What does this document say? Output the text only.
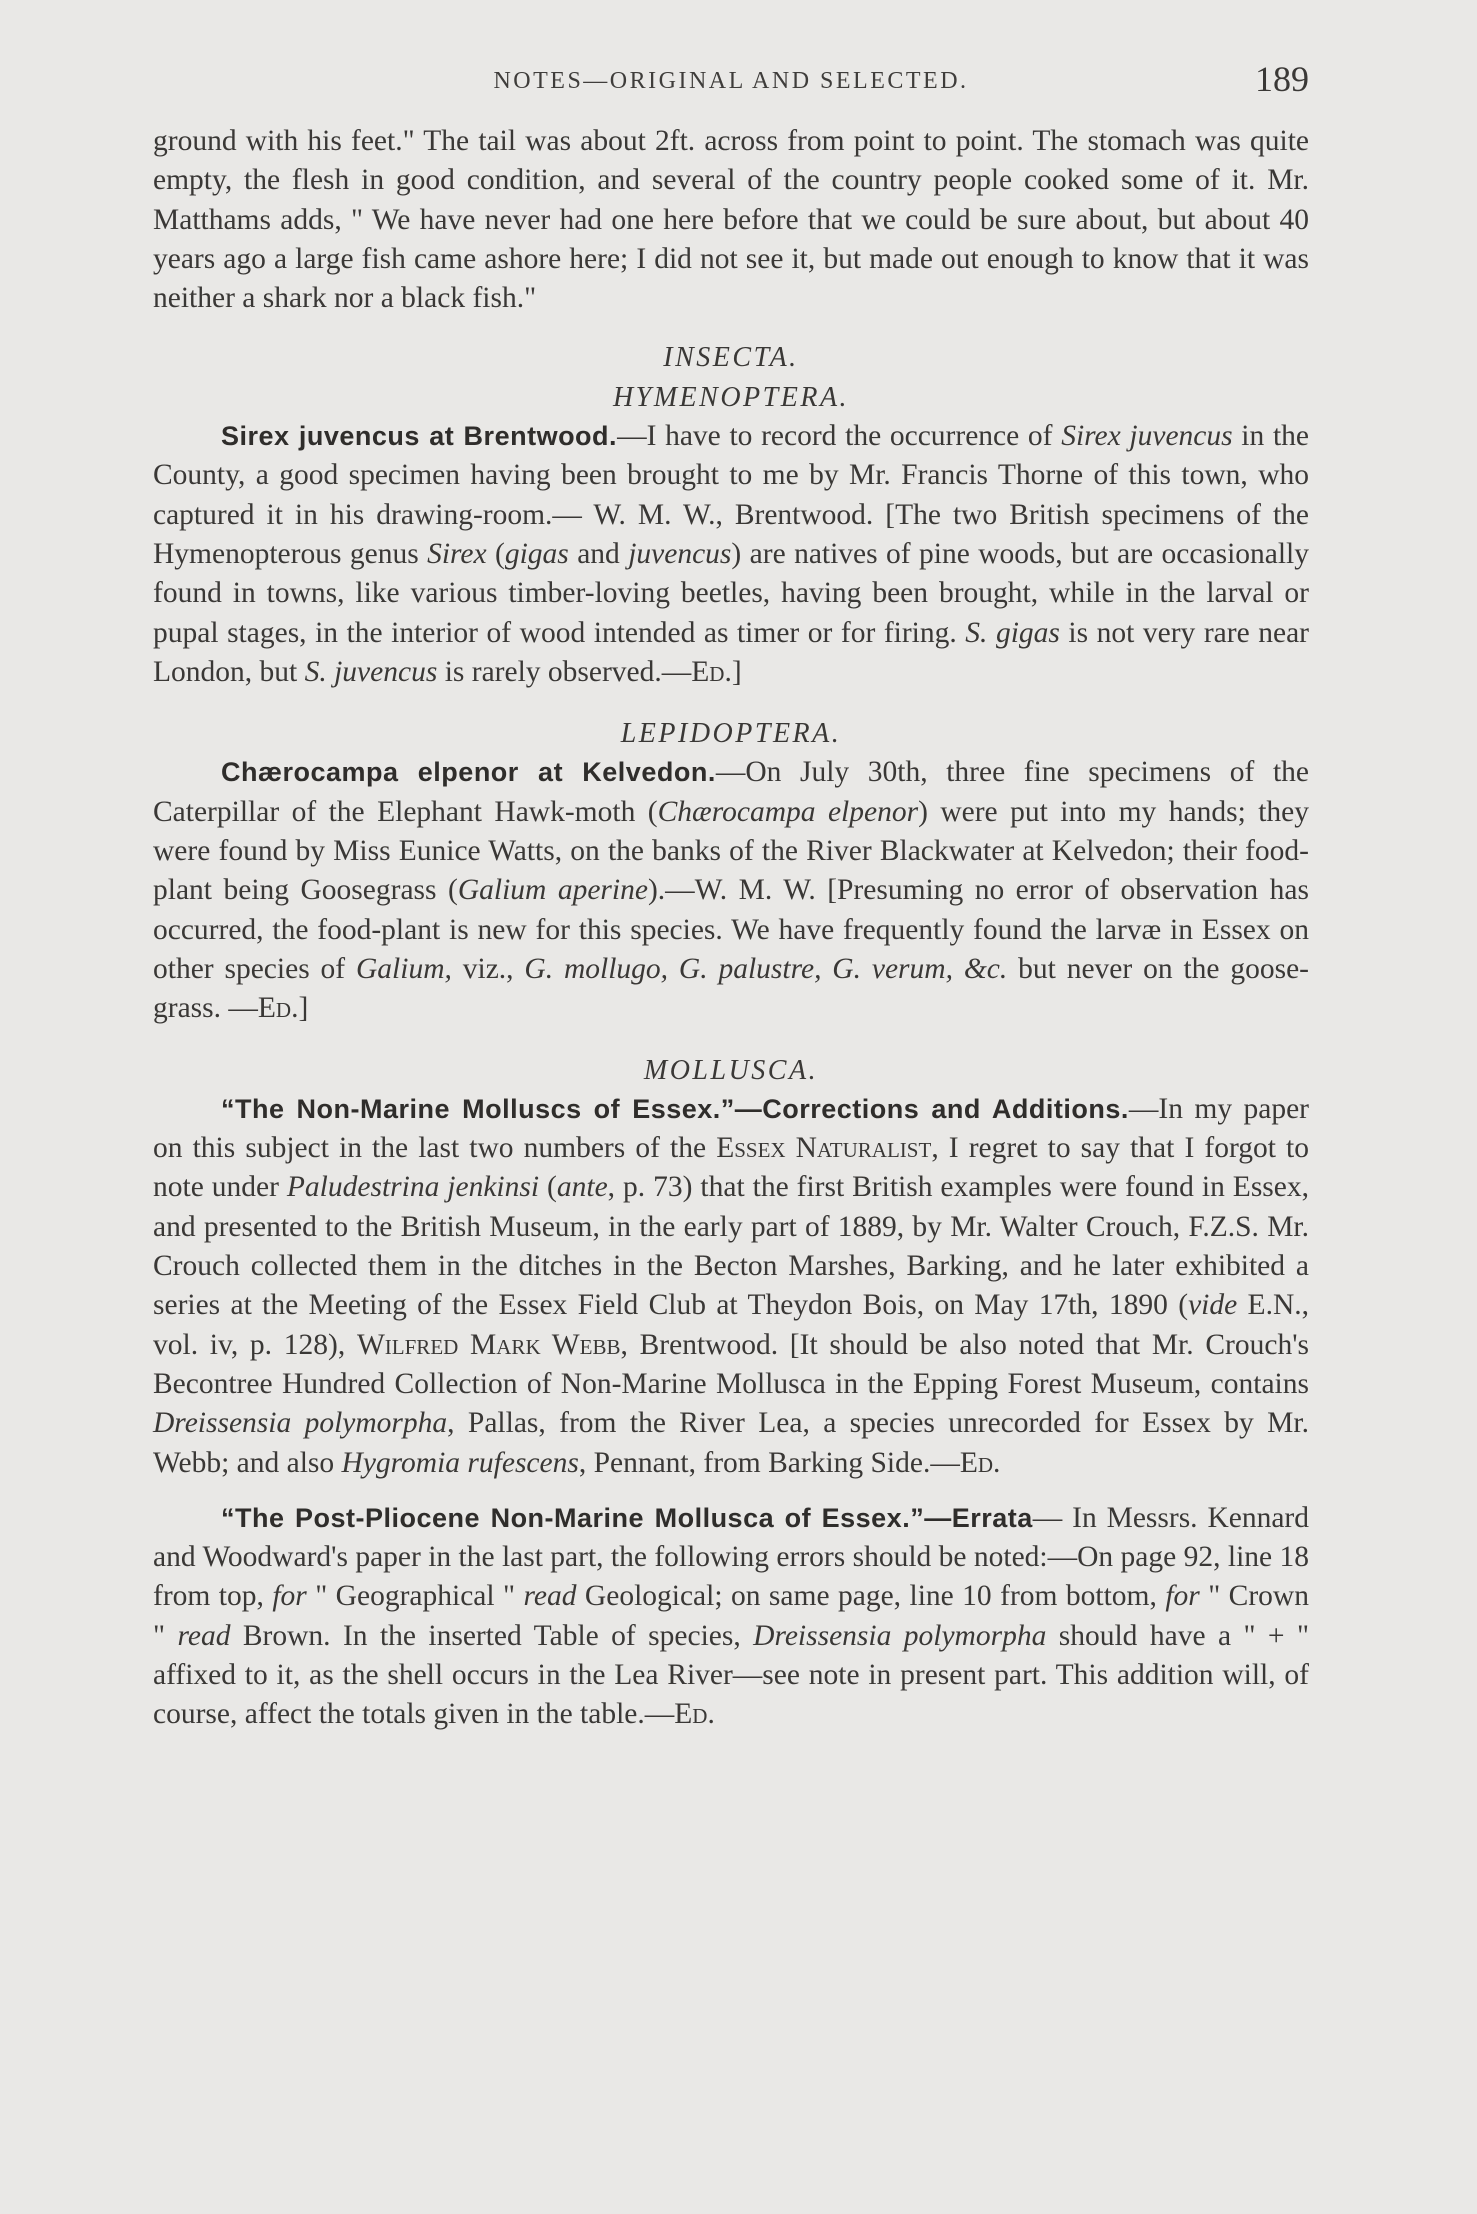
NOTES—ORIGINAL AND SELECTED.	189

ground with his feet." The tail was about 2ft. across from point to point. The stomach was quite empty, the flesh in good condition, and several of the country people cooked some of it. Mr. Matthams adds, " We have never had one here before that we could be sure about, but about 40 years ago a large fish came ashore here; I did not see it, but made out enough to know that it was neither a shark nor a black fish."

INSECTA.
HYMENOPTERA.

Sirex juvencus at Brentwood.—I have to record the occurrence of Sirex juvencus in the County, a good specimen having been brought to me by Mr. Francis Thorne of this town, who captured it in his drawing-room.— W. M. W., Brentwood. [The two British specimens of the Hymenopterous genus Sirex (gigas and juvencus) are natives of pine woods, but are occasionally found in towns, like various timber-loving beetles, having been brought, while in the larval or pupal stages, in the interior of wood intended as timer or for firing. S. gigas is not very rare near London, but S. juvencus is rarely observed.—Ed.]

LEPIDOPTERA.

Chærocampa elpenor at Kelvedon.—On July 30th, three fine specimens of the Caterpillar of the Elephant Hawk-moth (Chærocampa elpenor) were put into my hands; they were found by Miss Eunice Watts, on the banks of the River Blackwater at Kelvedon; their food-plant being Goosegrass (Galium aperine).—W. M. W. [Presuming no error of observation has occurred, the food-plant is new for this species. We have frequently found the larvæ in Essex on other species of Galium, viz., G. mollugo, G. palustre, G. verum, &c. but never on the goose-grass. —Ed.]

MOLLUSCA.

“The Non-Marine Molluscs of Essex.”—Corrections and Additions.—In my paper on this subject in the last two numbers of the Essex Naturalist, I regret to say that I forgot to note under Paludestrina jenkinsi (ante, p. 73) that the first British examples were found in Essex, and presented to the British Museum, in the early part of 1889, by Mr. Walter Crouch, F.Z.S. Mr. Crouch collected them in the ditches in the Becton Marshes, Barking, and he later exhibited a series at the Meeting of the Essex Field Club at Theydon Bois, on May 17th, 1890 (vide E.N., vol. iv, p. 128), Wilfred Mark Webb, Brentwood. [It should be also noted that Mr. Crouch's Becontree Hundred Collection of Non-Marine Mollusca in the Epping Forest Museum, contains Dreissensia polymorpha, Pallas, from the River Lea, a species unrecorded for Essex by Mr. Webb; and also Hygromia rufescens, Pennant, from Barking Side.—Ed.

“The Post-Pliocene Non-Marine Mollusca of Essex.”—Errata— In Messrs. Kennard and Woodward's paper in the last part, the following errors should be noted:—On page 92, line 18 from top, for " Geographical " read Geological; on same page, line 10 from bottom, for " Crown " read Brown. In the inserted Table of species, Dreissensia polymorpha should have a " + " affixed to it, as the shell occurs in the Lea River—see note in present part. This addition will, of course, affect the totals given in the table.—Ed.
